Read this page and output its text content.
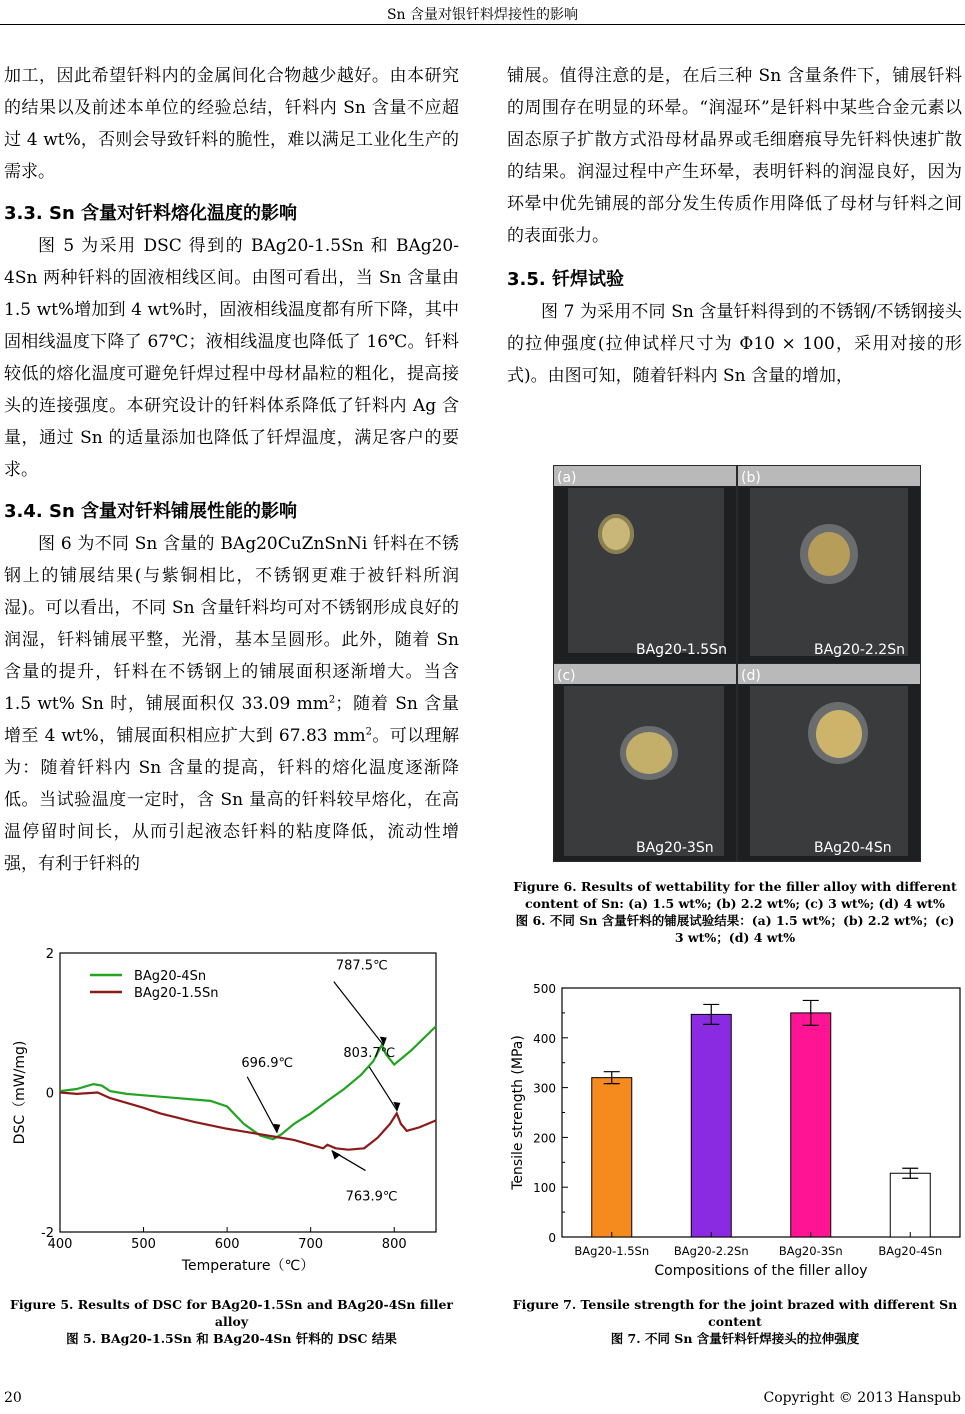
Sn 含量对银钎料焊接性的影响

加工，因此希望钎料内的金属间化合物越少越好。由本研究的结果以及前述本单位的经验总结，钎料内 Sn 含量不应超过 4 wt%，否则会导致钎料的脆性，难以满足工业化生产的需求。

3.3. Sn 含量对钎料熔化温度的影响

图 5 为采用 DSC 得到的 BAg20-1.5Sn 和 BAg20-4Sn 两种钎料的固液相线区间。由图可看出，当 Sn 含量由 1.5 wt%增加到 4 wt%时，固液相线温度都有所下降，其中固相线温度下降了 67℃；液相线温度也降低了 16℃。钎料较低的熔化温度可避免钎焊过程中母材晶粒的粗化，提高接头的连接强度。本研究设计的钎料体系降低了钎料内 Ag 含量，通过 Sn 的适量添加也降低了钎焊温度，满足客户的要求。

3.4. Sn 含量对钎料铺展性能的影响

图 6 为不同 Sn 含量的 BAg20CuZnSnNi 钎料在不锈钢上的铺展结果(与紫铜相比，不锈钢更难于被钎料所润湿)。可以看出，不同 Sn 含量钎料均可对不锈钢形成良好的润湿，钎料铺展平整，光滑，基本呈圆形。此外，随着 Sn 含量的提升，钎料在不锈钢上的铺展面积逐渐增大。当含 1.5 wt% Sn 时，铺展面积仅 33.09 $mm^2$；随着 Sn 含量增至 4 wt%，铺展面积相应扩大到 67.83 $mm^2$。可以理解为：随着钎料内 Sn 含量的提高，钎料的熔化温度逐渐降低。当试验温度一定时，含 Sn 量高的钎料较早熔化，在高温停留时间长，从而引起液态钎料的粘度降低，流动性增强，有利于钎料的

铺展。值得注意的是，在后三种 Sn 含量条件下，铺展钎料的周围存在明显的环晕。“润湿环”是钎料中某些合金元素以固态原子扩散方式沿母材晶界或毛细磨痕导先钎料快速扩散的结果。润湿过程中产生环晕，表明钎料的润湿良好，因为环晕中优先铺展的部分发生传质作用降低了母材与钎料之间的表面张力。

3.5. 钎焊试验

图 7 为采用不同 Sn 含量钎料得到的不锈钢/不锈钢接头的拉伸强度(拉伸试样尺寸为 Φ10 × 100，采用对接的形式)。由图可知，随着钎料内 Sn 含量的增加，

(a)
BAg20-1.5Sn
(b)
BAg20-2.2Sn
(c)
BAg20-3Sn
(d)
BAg20-4Sn
Figure 6. Results of wettability for the filler alloy with different content of Sn: (a) 1.5 wt%; (b) 2.2 wt%; (c) 3 wt%; (d) 4 wt%
图 6. 不同 Sn 含量钎料的铺展试验结果：(a) 1.5 wt%；(b) 2.2 wt%；(c) 3 wt%；(d) 4 wt%
400	500	600	700	800
-2
0
2
Temperature（℃）
DSC（mW/mg)
BAg20-4Sn
BAg20-1.5Sn
787.5℃
696.9℃
803.7℃
763.9℃
Figure 5. Results of DSC for BAg20-1.5Sn and BAg20-4Sn filler alloy
图 5. BAg20-1.5Sn 和 BAg20-4Sn 钎料的 DSC 结果
0
100
200
300
400
500
Tensile strength (MPa)
Compositions of the filler alloy
BAg20-1.5Sn BAg20-2.2Sn	BAg20-3Sn	BAg20-4Sn
Figure 7. Tensile strength for the joint brazed with different Sn content
图 7. 不同 Sn 含量钎料钎焊接头的拉伸强度
20	Copyright © 2013 Hanspub
